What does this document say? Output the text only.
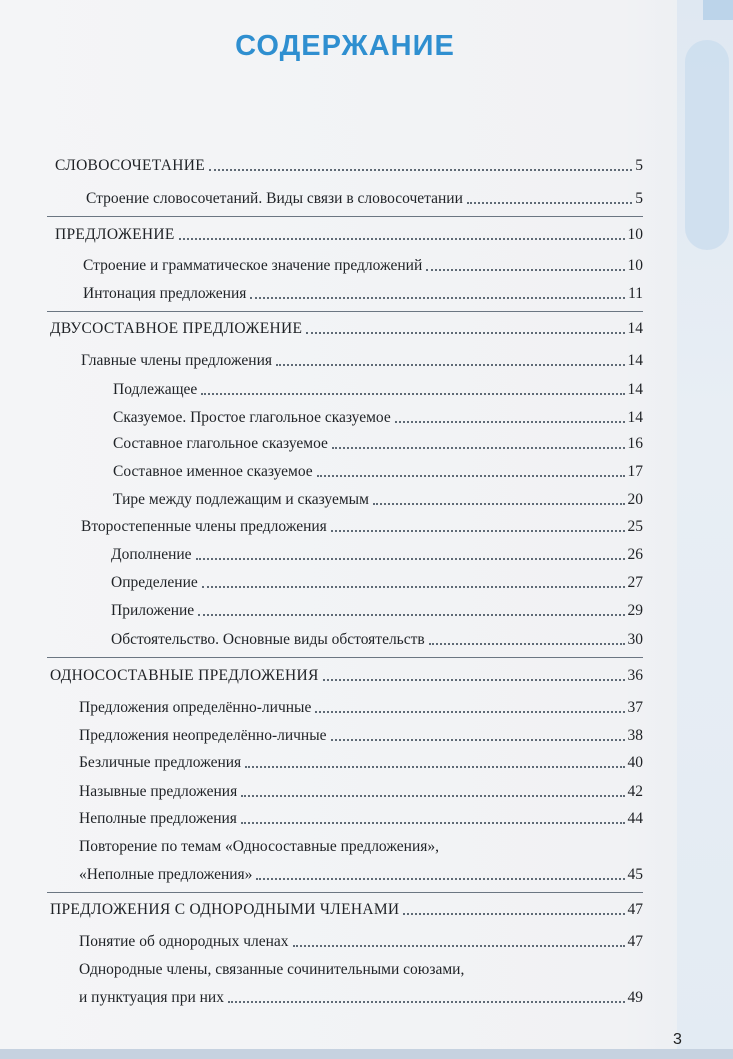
СОДЕРЖАНИЕ
СЛОВОСОЧЕТАНИЕ	5
Строение словосочетаний. Виды связи в словосочетании	5
ПРЕДЛОЖЕНИЕ	10
Строение и грамматическое значение предложений	10
Интонация предложения	11
ДВУСОСТАВНОЕ ПРЕДЛОЖЕНИЕ	14
Главные члены предложения	14
Подлежащее	14
Сказуемое. Простое глагольное сказуемое	14
Составное глагольное сказуемое	16
Составное именное сказуемое	17
Тире между подлежащим и сказуемым	20
Второстепенные члены предложения	25
Дополнение	26
Определение	27
Приложение	29
Обстоятельство. Основные виды обстоятельств	30
ОДНОСОСТАВНЫЕ ПРЕДЛОЖЕНИЯ	36
Предложения определённо-личные	37
Предложения неопределённо-личные	38
Безличные предложения	40
Назывные предложения	42
Неполные предложения	44
Повторение по темам «Односоставные предложения»,
«Неполные предложения»	45
ПРЕДЛОЖЕНИЯ С ОДНОРОДНЫМИ ЧЛЕНАМИ	47
Понятие об однородных членах	47
Однородные члены, связанные сочинительными союзами,
и пунктуация при них	49
3
